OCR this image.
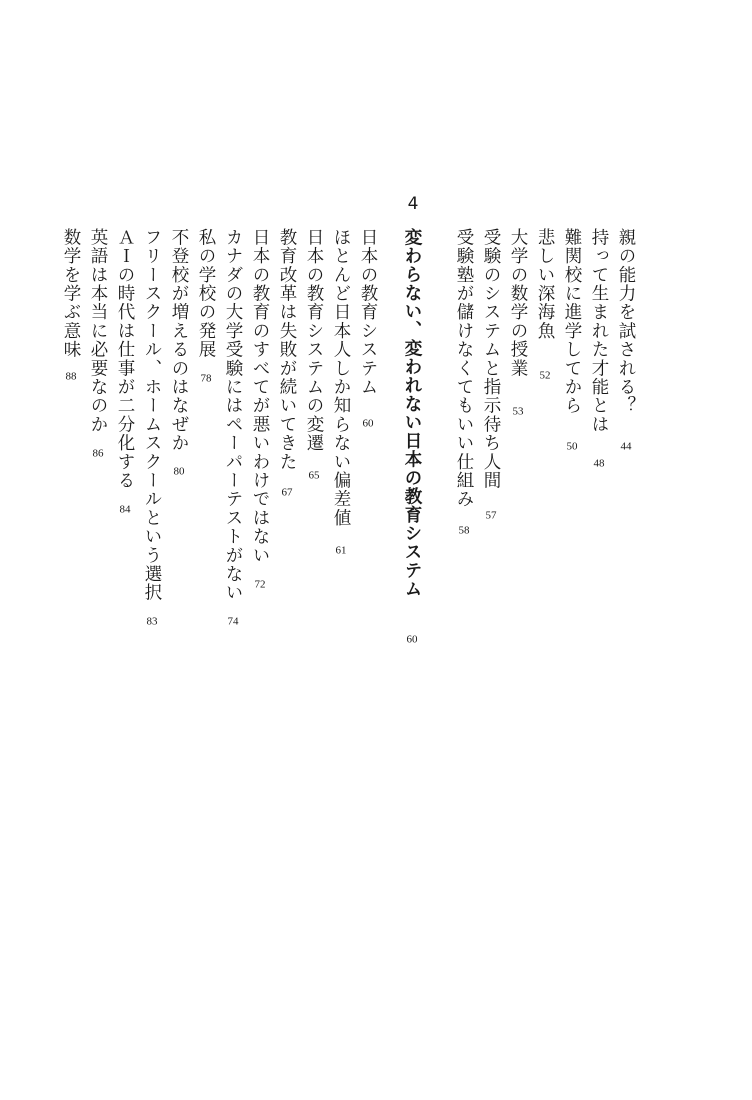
親の能力を試される？44
持って生まれた才能とは48
難関校に進学してから50
悲しい深海魚52
大学の数学の授業53
受験のシステムと指示待ち人間57
受験塾が儲けなくてもいい仕組み58
4
変わらない、変われない日本の教育システム60
日本の教育システム60
ほとんど日本人しか知らない偏差値61
日本の教育システムの変遷65
教育改革は失敗が続いてきた67
日本の教育のすべてが悪いわけではない72
カナダの大学受験にはペーパーテストがない74
私の学校の発展78
不登校が増えるのはなぜか80
フリースクール、ホームスクールという選択83
ＡＩの時代は仕事が二分化する84
英語は本当に必要なのか86
数学を学ぶ意味88
